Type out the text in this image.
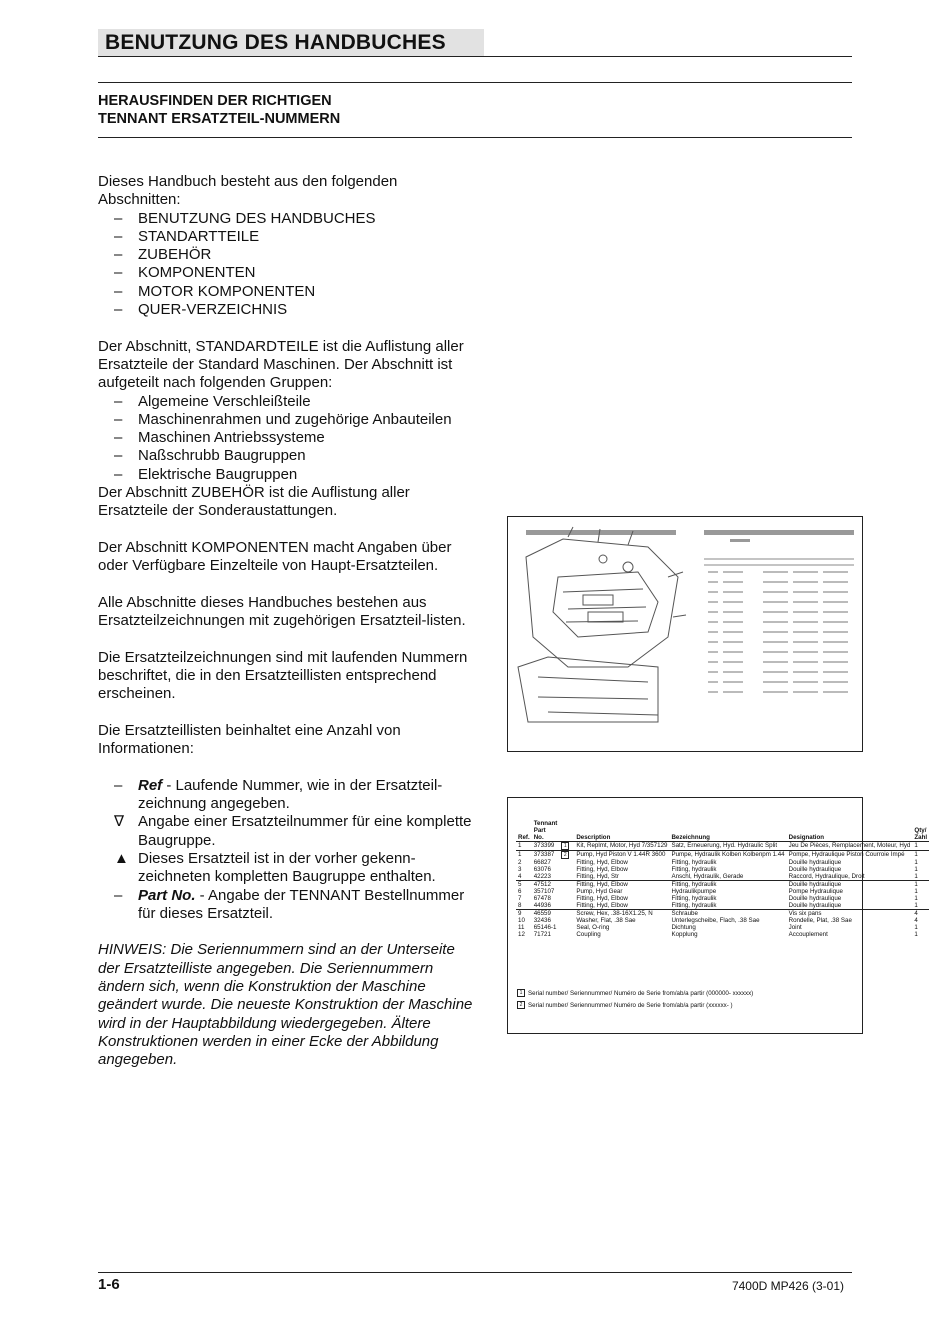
BENUTZUNG DES HANDBUCHES
HERAUSFINDEN DER RICHTIGEN
TENNANT ERSATZTEIL-NUMMERN

Dieses Handbuch besteht aus den folgenden Abschnitten:

– BENUTZUNG DES HANDBUCHES
– STANDARTTEILE
– ZUBEHÖR
– KOMPONENTEN
– MOTOR KOMPONENTEN
– QUER-VERZEICHNIS

Der Abschnitt, STANDARDTEILE ist die Auflistung aller Ersatzteile der Standard Maschinen. Der Abschnitt ist aufgeteilt nach folgenden Gruppen:

– Algemeine Verschleißteile
– Maschinenrahmen und zugehörige Anbauteilen
– Maschinen Antriebssysteme
– Naßschrubb Baugruppen
– Elektrische Baugruppen

Der Abschnitt ZUBEHÖR ist die Auflistung aller Ersatzteile der Sonderaustattungen.

Der Abschnitt KOMPONENTEN macht Angaben über oder Verfügbare Einzelteile von Haupt-Ersatzteilen.

Alle Abschnitte dieses Handbuches bestehen aus Ersatzteilzeichnungen mit zugehörigen Ersatzteil-listen.

Die Ersatzteilzeichnungen sind mit laufenden Nummern beschriftet, die in den Ersatzteillisten entsprechend erscheinen.

Die Ersatzteillisten beinhaltet eine Anzahl von Informationen:

– Ref - Laufende Nummer, wie in der Ersatzteil- zeichnung angegeben.
∇ Angabe einer Ersatzteilnummer für eine komplette Baugruppe.
▲ Dieses Ersatzteil ist in der vorher gekenn-zeichneten kompletten Baugruppe enthalten.
– Part No. - Angabe der TENNANT Bestellnummer für dieses Ersatzteil.

HINWEIS: Die Seriennummern sind an der Unterseite der Ersatzteilliste angegeben. Die Seriennummern ändern sich, wenn die Konstruktion der Maschine geändert wurde. Die neueste Konstruktion der Maschine wird in der Hauptabbildung wiedergegeben. Ältere Konstruktionen werden in einer Ecke der Abbildung angegeben.

Ref.	Tennant Part No.		Description	Bezeichnung	Designation	Qty/ Zahl
1	373399	1	Kit, Replmt, Motor, Hyd 7/357129	Satz, Erneuerung, Hyd. Hydraulic Split	Jeu De Pièces, Remplacement, Moteur, Hyd	1
1	373387	2	Pump, Hyd Piston V 1.44R 3600	Pumpe, Hydraulik Kolben Kolbenpm 1.44	Pompe, Hydraulique Piston Courroie Impé	1
2	66827		Fitting, Hyd, Elbow	Fitting, hydraulik	Douille hydraulique	1
3	63076		Fitting, Hyd, Elbow	Fitting, hydraulik	Douille hydraulique	1
4	42223		Fitting, Hyd, Str	Anschl, Hydraulik, Gerade	Raccord, Hydraulique, Droit	1
5	47512		Fitting, Hyd, Elbow	Fitting, hydraulik	Douille hydraulique	1
6	357107		Pump, Hyd Gear	Hydraulikpumpe	Pompe Hydraulique	1
7	67478		Fitting, Hyd, Elbow	Fitting, hydraulik	Douille hydraulique	1
8	44936		Fitting, Hyd, Elbow	Fitting, hydraulik	Douille hydraulique	1
9	46559		Screw, Hex, .38-16X1.25, N	Schraube	Vis six pans	4
10	32436		Washer, Flat, .38 Sae	Unterlegscheibe, Flach, .38 Sae	Rondelle, Plat, .38 Sae	4
11	65146-1		Seal, O-ring	Dichtung	Joint	1
12	71721		Coupling	Kopplung	Accouplement	1
1 Serial number/ Seriennummer/ Numéro de Serie from/ab/a partir (000000- xxxxxx)
2 Serial number/ Seriennummer/ Numéro de Serie from/ab/a partir (xxxxxx- )
1-6	7400D MP426 (3-01)
